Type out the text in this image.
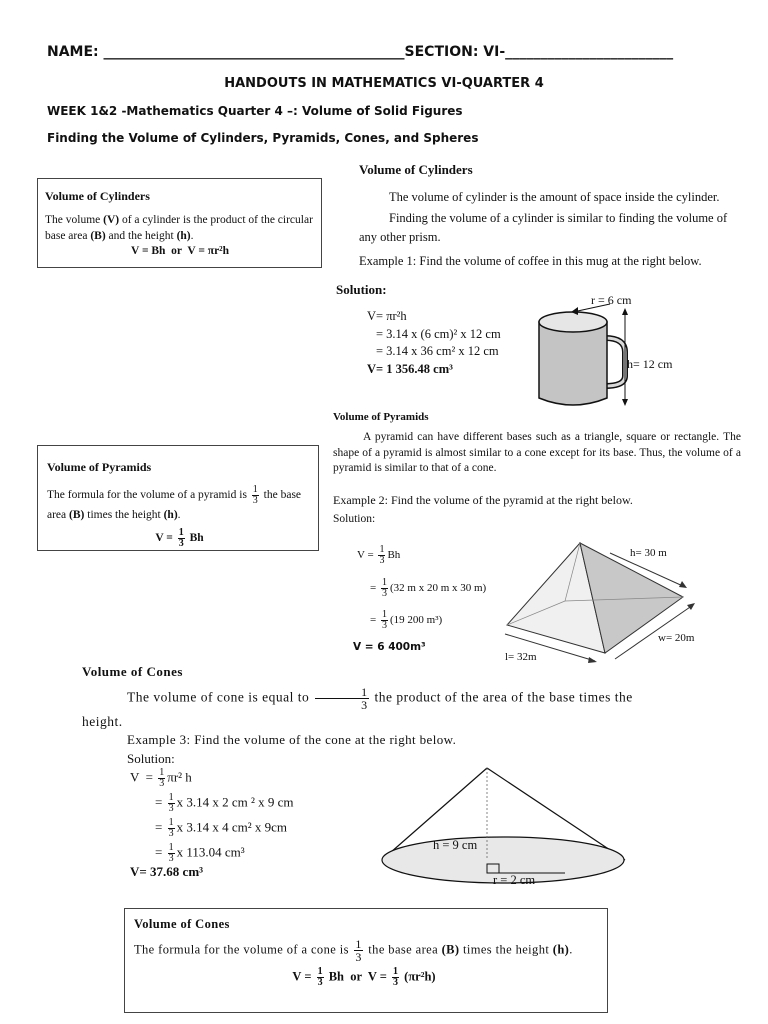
NAME: ___________________________________________SECTION: VI-________________________
HANDOUTS IN MATHEMATICS VI-QUARTER 4
WEEK 1&2 -Mathematics Quarter 4 –: Volume of Solid Figures
Finding the Volume of Cylinders, Pyramids, Cones, and Spheres
Volume of Cylinders

The volume (V) of a cylinder is the product of the circular base area (B) and the height (h).

V = Bh  or  V = πr²h
Volume of Cylinders
The volume of cylinder is the amount of space inside the cylinder.
Finding the volume of a cylinder is similar to finding the volume of any other prism.
Example 1: Find the volume of coffee in this mug at the right below.
Solution:
V= πr²h
= 3.14 x (6 cm)² x 12 cm
= 3.14 x 36 cm² x 12 cm
V= 1 356.48 cm³
r = 6 cm
h= 12 cm
Volume of Pyramids

The formula for the volume of a pyramid is $\frac{1}{3}$ the base area (B) times the height (h).

$V = \frac{1}{3}$ Bh
Volume of Pyramids
A pyramid can have different bases such as a triangle, square or rectangle. The shape of a pyramid is almost similar to a cone except for its base. Thus, the volume of a pyramid is similar to that of a cone.
Example 2: Find the volume of the pyramid at the right below.
Solution:
$V = \frac{1}{3}$ Bh
= $\frac{1}{3} (32$ m x 20 m x 30 m)
= $\frac{1}{3} (19$ 200 m³)
V = 6 400m³
h= 30 m
w= 20m
l= 32m
Volume of Cones
The volume of cone is equal to $\frac{1}{3}$ the product of the area of the base times the height.
Example 3: Find the volume of the cone at the right below.
Solution:
$V = \frac{1}{3} \pi r^2$ h
= $\frac{1}{3}$ x 3.14 x 2 cm ² x 9 cm
= $\frac{1}{3}$ x 3.14 x 4 cm² x 9cm
= $\frac{1}{3}$ x 113.04 cm³
V= 37.68 cm³
h = 9 cm
r = 2 cm
Volume of Cones

The formula for the volume of a cone is $\frac{1}{3}$ the base area (B) times the height (h).

$V = \frac{1}{3}$ Bh  or  $V = \frac{1}{3} (\pi r^2h)$
